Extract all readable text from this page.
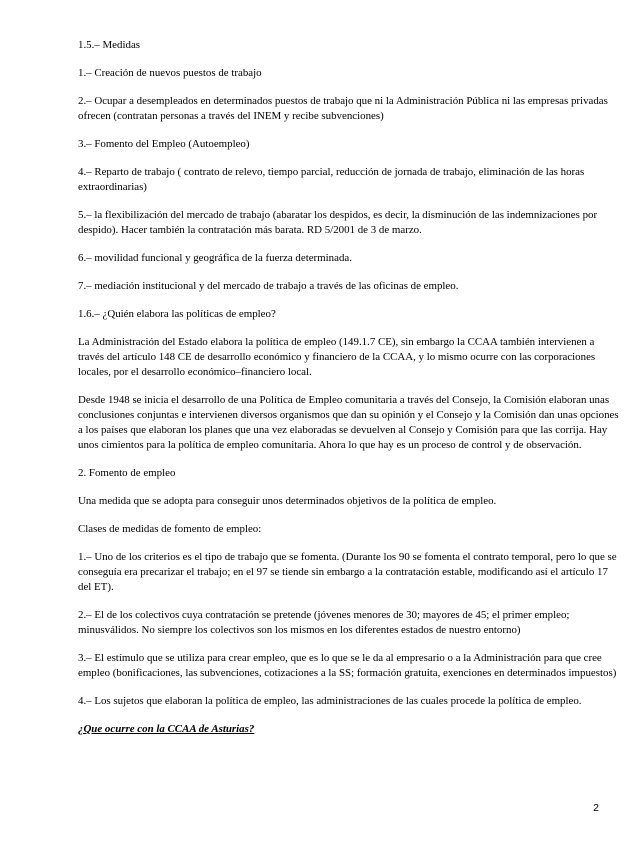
1.5.– Medidas

1.– Creación de nuevos puestos de trabajo

2.– Ocupar a desempleados en determinados puestos de trabajo que ni la Administración Pública ni las empresas privadas ofrecen (contratan personas a través del INEM y recibe subvenciones)

3.– Fomento del Empleo (Autoempleo)

4.– Reparto de trabajo ( contrato de relevo, tiempo parcial, reducción de jornada de trabajo, eliminación de las horas extraordinarias)

5.– la flexibilización del mercado de trabajo (abaratar los despidos, es decir, la disminución de las indemnizaciones por despido). Hacer también la contratación más barata. RD 5/2001 de 3 de marzo.

6.– movilidad funcional y geográfica de la fuerza determinada.

7.– mediación institucional y del mercado de trabajo a través de las oficinas de empleo.

1.6.– ¿Quién elabora las políticas de empleo?

La Administración del Estado elabora la política de empleo (149.1.7 CE), sin embargo la CCAA también intervienen a través del artículo 148 CE de desarrollo económico y financiero de la CCAA, y lo mismo ocurre con las corporaciones locales, por el desarrollo económico–financiero local.

Desde 1948 se inicia el desarrollo de una Política de Empleo comunitaria a través del Consejo, la Comisión elaboran unas conclusiones conjuntas e intervienen diversos organismos que dan su opinión y el Consejo y la Comisión dan unas opciones a los países que elaboran los planes que una vez elaboradas se devuelven al Consejo y Comisión para que las corrija. Hay unos cimientos para la política de empleo comunitaria. Ahora lo que hay es un proceso de control y de observación.

2. Fomento de empleo

Una medida que se adopta para conseguir unos determinados objetivos de la política de empleo.

Clases de medidas de fomento de empleo:

1.– Uno de los criterios es el tipo de trabajo que se fomenta. (Durante los 90 se fomenta el contrato temporal, pero lo que se conseguía era precarizar el trabajo; en el 97 se tiende sin embargo a la contratación estable, modificando así el artículo 17 del ET).

2.– El de los colectivos cuya contratación se pretende (jóvenes menores de 30; mayores de 45; el primer empleo; minusválidos. No siempre los colectivos son los mismos en los diferentes estados de nuestro entorno)

3.– El estímulo que se utiliza para crear empleo, que es lo que se le da al empresario o a la Administración para que cree empleo (bonificaciones, las subvenciones, cotizaciones a la SS; formación gratuita, exenciones en determinados impuestos)

4.– Los sujetos que elaboran la política de empleo, las administraciones de las cuales procede la política de empleo.

¿Que ocurre con la CCAA de Asturias?

2
